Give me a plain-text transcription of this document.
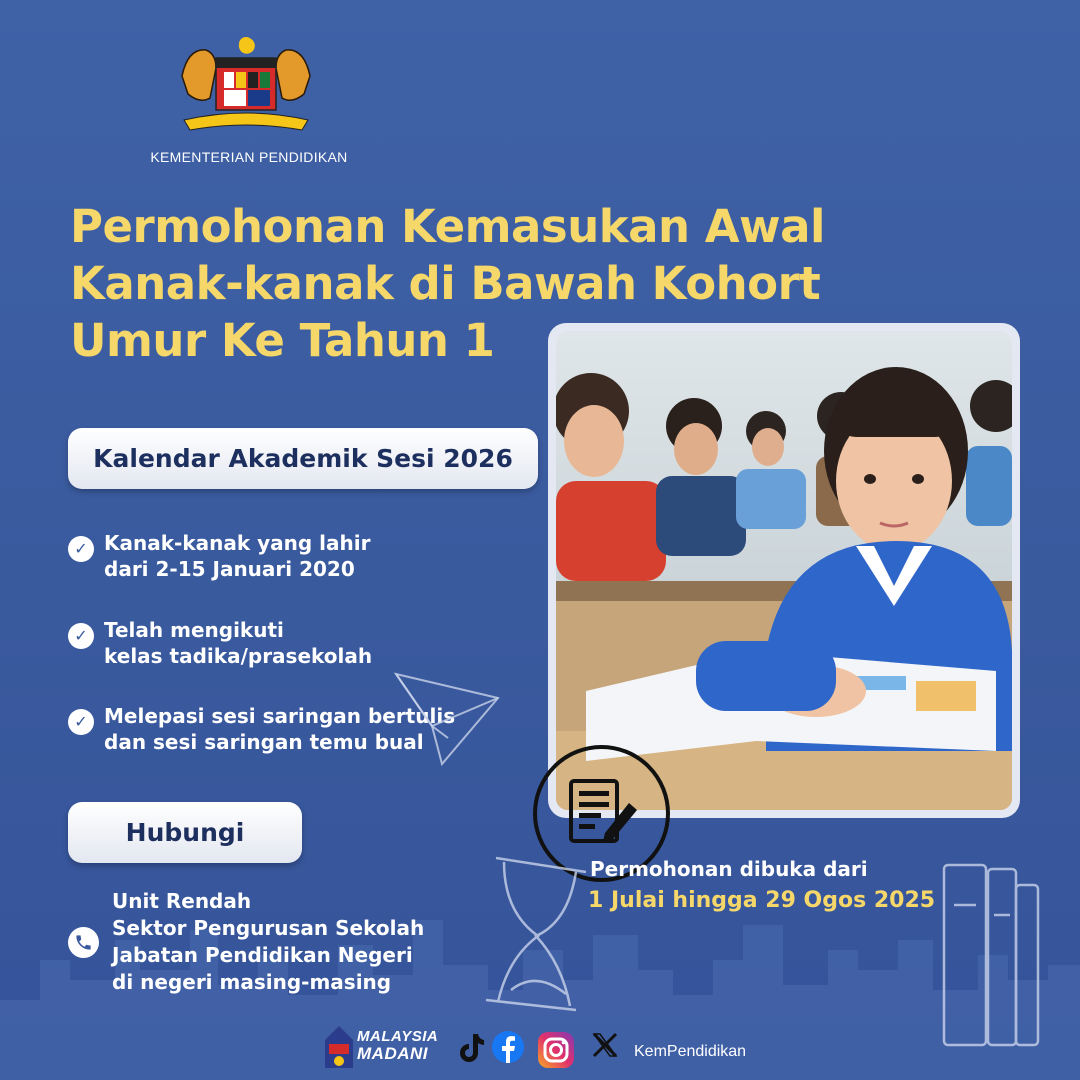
KEMENTERIAN PENDIDIKAN
Permohonan Kemasukan Awal
Kanak-kanak di Bawah Kohort
Umur Ke Tahun 1
Kalendar Akademik Sesi 2026
✓ Kanak-kanak yang lahir
dari 2-15 Januari 2020
✓ Telah mengikuti
kelas tadika/prasekolah
✓ Melepasi sesi saringan bertulis
dan sesi saringan temu bual
Permohonan dibuka dari
1 Julai hingga 29 Ogos 2025
Hubungi
Unit Rendah
Sektor Pengurusan Sekolah
Jabatan Pendidikan Negeri
di negeri masing-masing
MALAYSIA
MADANI	KemPendidikan
